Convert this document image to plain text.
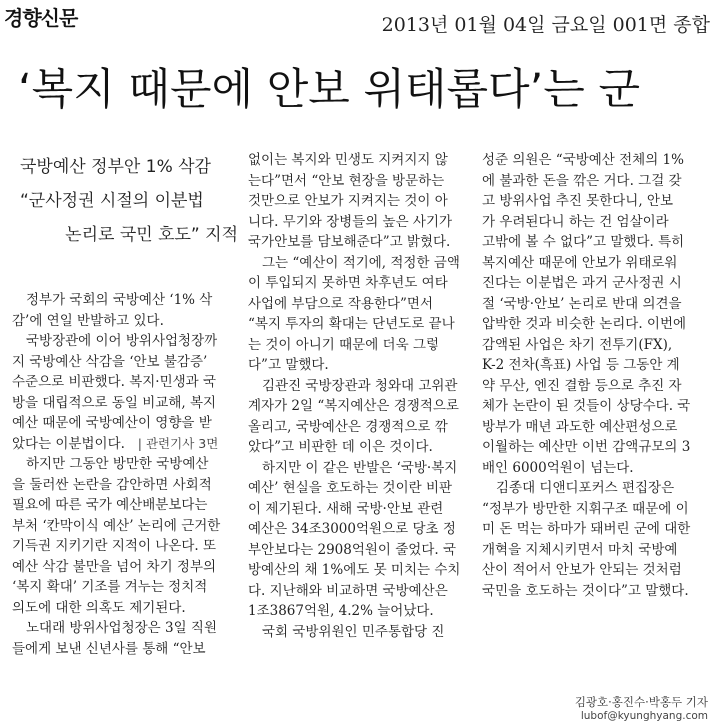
경향신문	2013년 01월 04일 금요일 001면 종합
‘복지 때문에 안보 위태롭다’는 군
국방예산 정부안 1% 삭감
“군사정권 시절의 이분법
논리로 국민 호도” 지적
정부가 국회의 국방예산 ‘1% 삭
감’에 연일 반발하고 있다.
국방장관에 이어 방위사업청장까
지 국방예산 삭감을 ‘안보 불감증’
수준으로 비판했다. 복지·민생과 국
방을 대립적으로 동일 비교해, 복지
예산 때문에 국방예산이 영향을 받
았다는 이분법이다. | 관련기사 3면
하지만 그동안 방만한 국방예산
을 둘러싼 논란을 감안하면 사회적
필요에 따른 국가 예산배분보다는
부처 ‘칸막이식 예산’ 논리에 근거한
기득권 지키기란 지적이 나온다. 또
예산 삭감 불만을 넘어 차기 정부의
‘복지 확대’ 기조를 겨누는 정치적
의도에 대한 의혹도 제기된다.
노대래 방위사업청장은 3일 직원
들에게 보낸 신년사를 통해 “안보
없이는 복지와 민생도 지켜지지 않
는다”면서 “안보 현장을 방문하는
것만으로 안보가 지켜지는 것이 아
니다. 무기와 장병들의 높은 사기가
국가안보를 담보해준다”고 밝혔다.
그는 “예산이 적기에, 적정한 금액
이 투입되지 못하면 차후년도 여타
사업에 부담으로 작용한다”면서
“복지 투자의 확대는 단년도로 끝나
는 것이 아니기 때문에 더욱 그렇
다”고 말했다.
김관진 국방장관과 청와대 고위관
계자가 2일 “복지예산은 경쟁적으로
올리고, 국방예산은 경쟁적으로 깎
았다”고 비판한 데 이은 것이다.
하지만 이 같은 반발은 ‘국방·복지
예산’ 현실을 호도하는 것이란 비판
이 제기된다. 새해 국방·안보 관련
예산은 34조3000억원으로 당초 정
부안보다는 2908억원이 줄었다. 국
방예산의 채 1%에도 못 미치는 수치
다. 지난해와 비교하면 국방예산은
1조3867억원, 4.2% 늘어났다.
국회 국방위원인 민주통합당 진
성준 의원은 “국방예산 전체의 1%
에 불과한 돈을 깎은 거다. 그걸 갖
고 방위사업 추진 못한다니, 안보
가 우려된다니 하는 건 엄살이라
고밖에 볼 수 없다”고 말했다. 특히
복지예산 때문에 안보가 위태로워
진다는 이분법은 과거 군사정권 시
절 ‘국방·안보’ 논리로 반대 의견을
압박한 것과 비슷한 논리다. 이번에
감액된 사업은 차기 전투기(FX),
K-2 전차(흑표) 사업 등 그동안 계
약 무산, 엔진 결함 등으로 추진 자
체가 논란이 된 것들이 상당수다. 국
방부가 매년 과도한 예산편성으로
이월하는 예산만 이번 감액규모의 3
배인 6000억원이 넘는다.
김종대 디앤디포커스 편집장은
“정부가 방만한 지휘구조 때문에 이
미 돈 먹는 하마가 돼버린 군에 대한
개혁을 지체시키면서 마치 국방예
산이 적어서 안보가 안되는 것처럼
국민을 호도하는 것이다”고 말했다.
김광호·홍진수·박홍두 기자
lubof@kyunghyang.com
